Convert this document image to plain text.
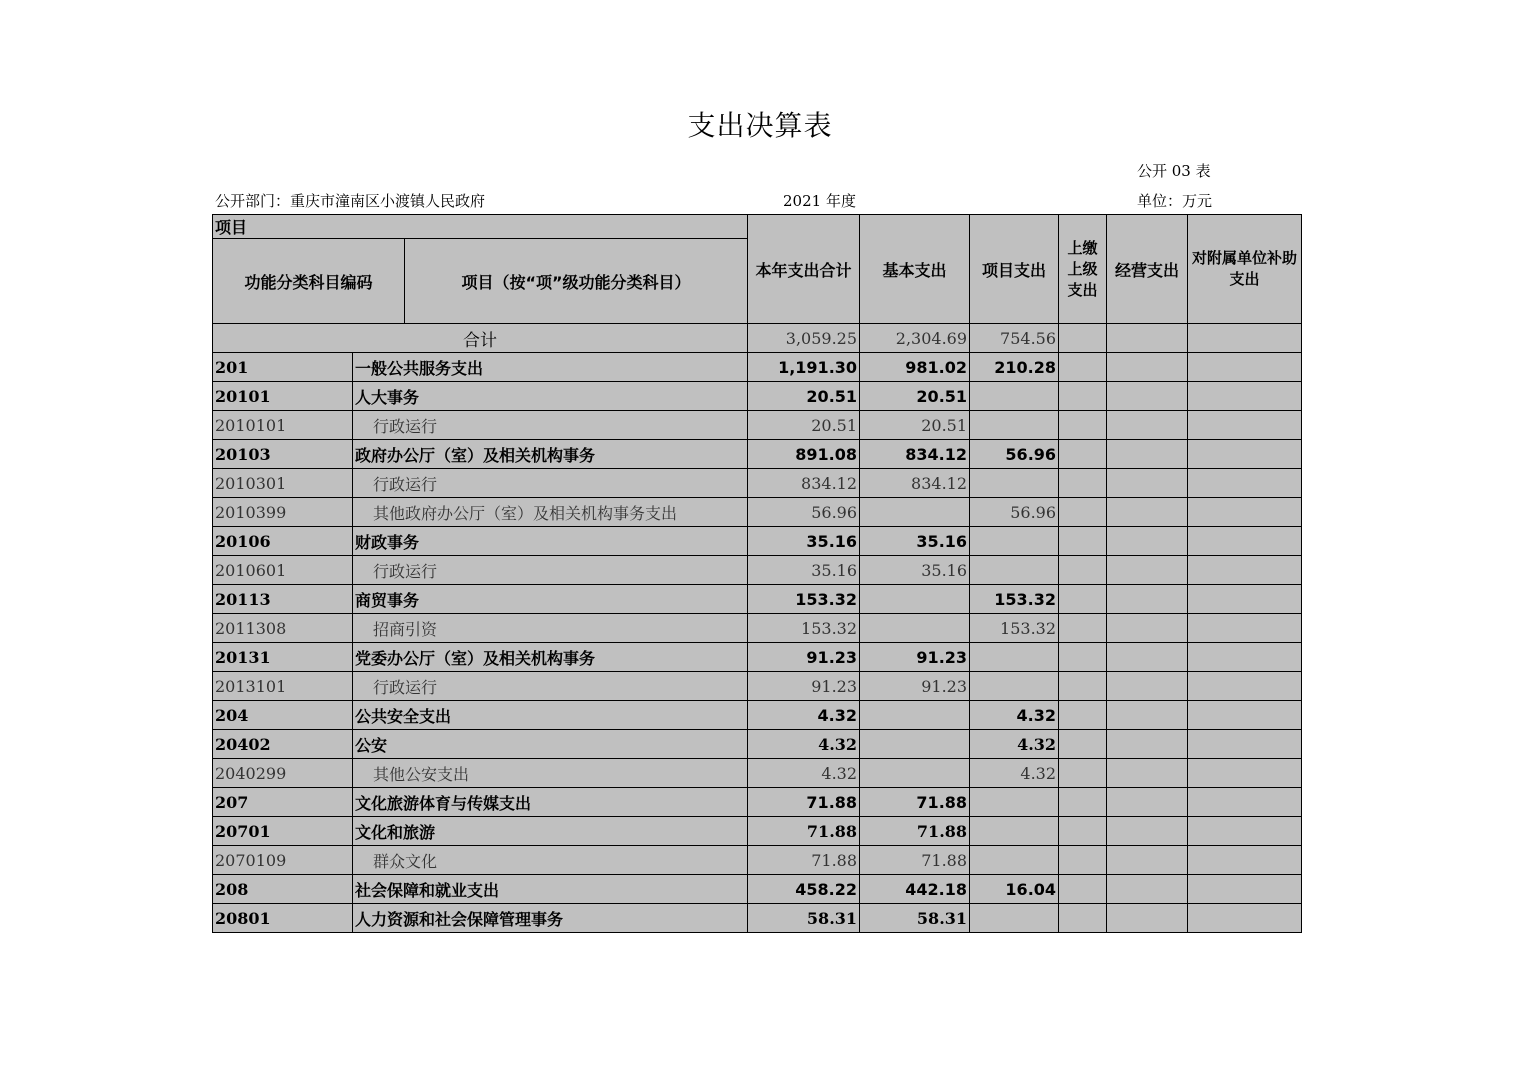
支出决算表
公开 03 表
公开部门：重庆市潼南区小渡镇人民政府	2021 年度	单位：万元
项目			本年支出合计	基本支出	项目支出	上缴上级支出	经营支出	对附属单位补助支出
功能分类科目编码		项目（按“项”级功能分类科目）						
合计			3,059.25	2,304.69	754.56			
201	一般公共服务支出		1,191.30	981.02	210.28			
20101	人大事务		20.51	20.51				
2010101	行政运行		20.51	20.51				
20103	政府办公厅（室）及相关机构事务		891.08	834.12	56.96			
2010301	行政运行		834.12	834.12				
2010399	其他政府办公厅（室）及相关机构事务支出		56.96		56.96			
20106	财政事务		35.16	35.16				
2010601	行政运行		35.16	35.16				
20113	商贸事务		153.32		153.32			
2011308	招商引资		153.32		153.32			
20131	党委办公厅（室）及相关机构事务		91.23	91.23				
2013101	行政运行		91.23	91.23				
204	公共安全支出		4.32		4.32			
20402	公安		4.32		4.32			
2040299	其他公安支出		4.32		4.32			
207	文化旅游体育与传媒支出		71.88	71.88				
20701	文化和旅游		71.88	71.88				
2070109	群众文化		71.88	71.88				
208	社会保障和就业支出		458.22	442.18	16.04			
20801	人力资源和社会保障管理事务		58.31	58.31				
